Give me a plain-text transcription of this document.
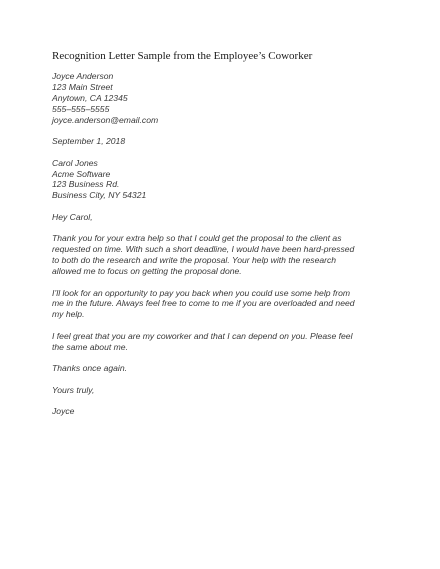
Recognition Letter Sample from the Employee’s Coworker
Joyce Anderson
123 Main Street
Anytown, CA 12345
555–555–5555
joyce.anderson@email.com
September 1, 2018
Carol Jones
Acme Software
123 Business Rd.
Business City, NY 54321
Hey Carol,
Thank you for your extra help so that I could get the proposal to the client as
requested on time. With such a short deadline, I would have been hard-pressed
to both do the research and write the proposal. Your help with the research
allowed me to focus on getting the proposal done.
I’ll look for an opportunity to pay you back when you could use some help from
me in the future. Always feel free to come to me if you are overloaded and need
my help.
I feel great that you are my coworker and that I can depend on you. Please feel
the same about me.
Thanks once again.
Yours truly,
Joyce
